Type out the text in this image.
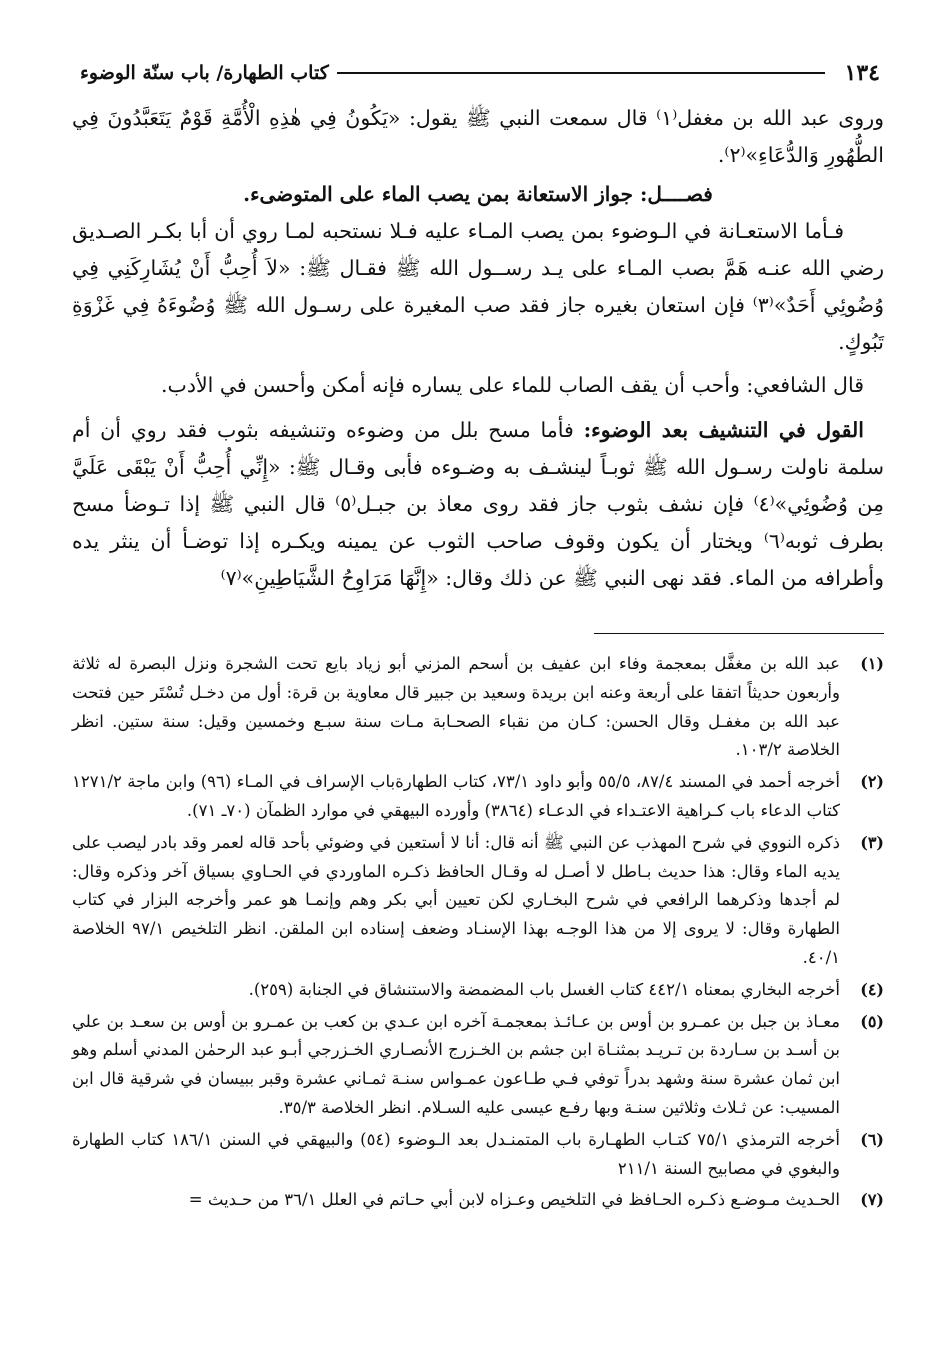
١٣٤
كتاب الطهارة/ باب سنّة الوضوء

وروى عبد الله بن مغفل⁽١⁾ قال سمعت النبي ﷺ يقول: «يَكُونُ فِي هٰذِهِ الْأُمَّةِ قَوْمٌ يَتَعَبَّدُونَ فِي الطُّهُورِ وَالدُّعَاءِ»⁽٢⁾.

فصــــل: جواز الاستعانة بمن يصب الماء على المتوضىء.

فـأما الاستعـانة في الـوضوء بمن يصب المـاء عليه فـلا نستحبه لمـا روي أن أبا بكـر الصـديق رضي الله عنـه هَمَّ بصب المـاء على يـد رســول الله ﷺ فقـال ﷺ: «لاَ أُحِبُّ أَنْ يُشَارِكَنِي فِي وُضُوئِي أَحَدٌ»⁽٣⁾ فإن استعان بغيره جاز فقد صب المغيرة على رسـول الله ﷺ وُضُوءَهُ فِي غَزْوَةِ تَبُوكٍ.

قال الشافعي: وأحب أن يقف الصاب للماء على يساره فإنه أمكن وأحسن في الأدب.

القول في التنشيف بعد الوضوء: فأما مسح بلل من وضوءه وتنشيفه بثوب فقد روي أن أم سلمة ناولت رسـول الله ﷺ ثوبـاً لينشـف به وضـوءه فأبى وقـال ﷺ: «إِنِّي أُحِبُّ أَنْ يَبْقَى عَلَيَّ مِن وُضُوئِي»⁽٤⁾ فإن نشف بثوب جاز فقد روى معاذ بن جبـل⁽٥⁾ قال النبي ﷺ إذا تـوضأ مسح بطرف ثوبه⁽٦⁾ ويختار أن يكون وقوف صاحب الثوب عن يمينه ويكـره إذا توضـأ أن ينثر يده وأطرافه من الماء. فقد نهى النبي ﷺ عن ذلك وقال: «إِنَّهَا مَرَاوِحُ الشَّيَاطِينِ»⁽٧⁾

(١)
عبد الله بن مغفَّل بمعجمة وفاء ابن عفيف بن أسحم المزني أبو زياد بايع تحت الشجرة ونزل البصرة له ثلاثة وأربعون حديثاً اتفقا على أربعة وعنه ابن بريدة وسعيد بن جبير قال معاوية بن قرة: أول من دخـل تُسْتَر حين فتحت عبد الله بن مغفـل وقال الحسن: كـان من نقباء الصحـابة مـات سنة سبـع وخمسين وقيل: سنة ستين. انظر الخلاصة ١٠٣/٢.
(٢)
أخرجه أحمد في المسند ٨٧/٤، ٥٥/٥ وأبو داود ٧٣/١، كتاب الطهارةباب الإسراف في المـاء (٩٦) وابن ماجة ١٢٧١/٢ كتاب الدعاء باب كـراهية الاعتـداء في الدعـاء (٣٨٦٤) وأورده البيهقي في موارد الظمآن (٧٠ـ ٧١).
(٣)
ذكره النووي في شرح المهذب عن النبي ﷺ أنه قال: أنا لا أستعين في وضوئي بأحد قاله لعمر وقد بادر ليصب على يديه الماء وقال: هذا حديث بـاطل لا أصـل له وقـال الحافظ ذكـره الماوردي في الحـاوي بسياق آخر وذكره وقال: لم أجدها وذكرهما الرافعي في شرح البخـاري لكن تعيين أبي بكر وهم وإنمـا هو عمر وأخرجه البزار في كتاب الطهارة وقال: لا يروى إلا من هذا الوجـه بهذا الإسنـاد وضعف إسناده ابن الملقن. انظر التلخيص ٩٧/١ الخلاصة ٤٠/١.
(٤)
أخرجه البخاري بمعناه ٤٤٢/١ كتاب الغسل باب المضمضة والاستنشاق في الجنابة (٢٥٩).
(٥)
معـاذ بن جبل بن عمـرو بن أوس بن عـائـذ بمعجمـة آخره ابن عـدي بن كعب بن عمـرو بن أوس بن سعـد بن علي بن أسـد بن سـاردة بن تـريـد بمثنـاة ابن جشم بن الخـزرج الأنصـاري الخـزرجي أبـو عبد الرحمٰن المدني أسلم وهو ابن ثمان عشرة سنة وشهد بدراً توفي فـي طـاعون عمـواس سنـة ثمـاني عشرة وقبر ببيسان في شرقية قال ابن المسيب: عن ثـلاث وثلاثين سنـة وبها رفـع عيسى عليه السـلام. انظر الخلاصة ٣٥/٣.
(٦)
أخرجه الترمذي ٧٥/١ كتـاب الطهـارة باب المتمنـدل بعد الـوضوء (٥٤) والبيهقي في السنن ١٨٦/١ كتاب الطهارة والبغوي في مصابيح السنة ٢١١/١
(٧)
الحـديث مـوضـع ذكـره الحـافظ في التلخيص وعـزاه لابن أبي حـاتم في العلل ٣٦/١ من حـديث =
